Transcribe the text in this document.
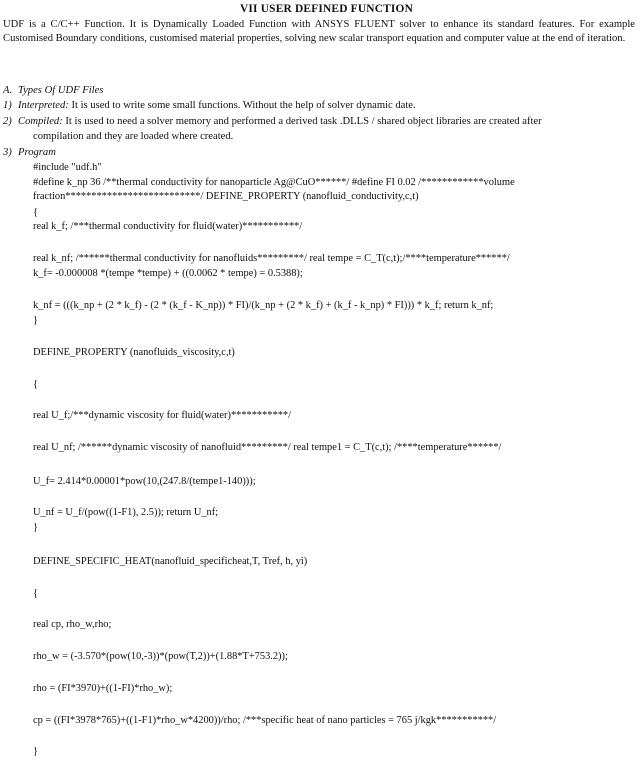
VII USER DEFINED FUNCTION
UDF is a C/C++ Function. It is Dynamically Loaded Function with ANSYS FLUENT solver to enhance its standard features. For example Customised Boundary conditions, customised material properties, solving new scalar transport equation and computer value at the end of iteration.
A. Types Of UDF Files
1) Interpreted: It is used to write some small functions. Without the help of solver dynamic date.
2) Compiled: It is used to need a solver memory and performed a derived task .DLLS / shared object libraries are created after
compilation and they are loaded where created.
3) Program
#include "udf.h"
#define k_np 36 /**thermal conductivity for nanoparticle Ag@CuO******/ #define FI 0.02 /************volume
fraction**************************/ DEFINE_PROPERTY (nanofluid_conductivity,c,t)
{
real k_f; /***thermal conductivity for fluid(water)***********/
real k_nf; /******thermal conductivity for nanofluids*********/ real tempe = C_T(c,t);/****temperature******/
k_f= -0.000008 *(tempe *tempe) + ((0.0062 * tempe) = 0.5388);
k_nf = (((k_np + (2 * k_f) - (2 * (k_f - K_np)) * FI)/(k_np + (2 * k_f) + (k_f - k_np) * FI))) * k_f; return k_nf;
}
DEFINE_PROPERTY (nanofluids_viscosity,c,t)
{
real U_f;/***dynamic viscosity for fluid(water)***********/
real U_nf; /******dynamic viscosity of nanofluid*********/ real tempe1 = C_T(c,t); /****temperature******/
U_f= 2.414*0.00001*pow(10,(247.8/(tempe1-140)));
U_nf = U_f/(pow((1-F1), 2.5)); return U_nf;
}
DEFINE_SPECIFIC_HEAT(nanofluid_specificheat,T, Tref, h, yi)
{
real cp, rho_w,rho;
rho_w = (-3.570*(pow(10,-3))*(pow(T,2))+(1.88*T+753.2));
rho = (FI*3970)+((1-FI)*rho_w);
cp = ((FI*3978*765)+((1-F1)*rho_w*4200))/rho; /***specific heat of nano particles = 765 j/kgk***********/
}
